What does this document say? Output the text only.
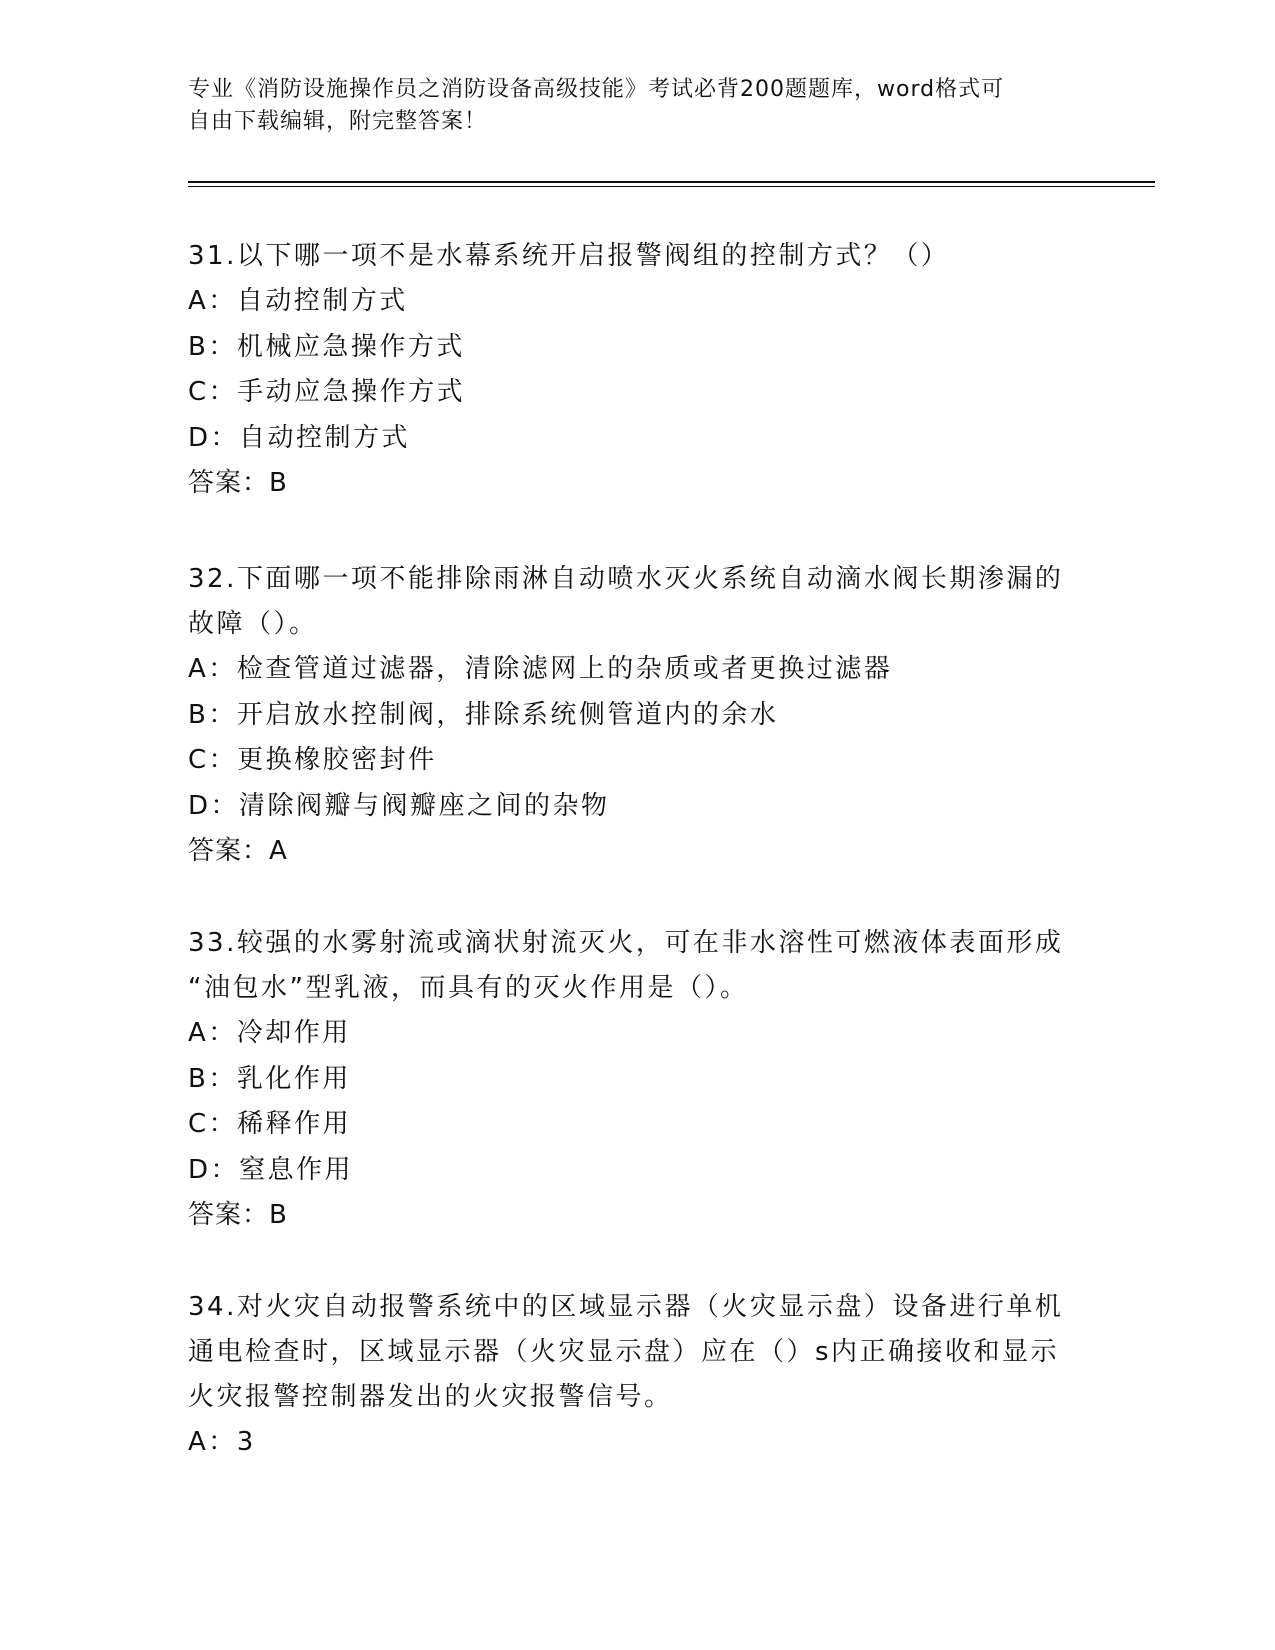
专业《消防设施操作员之消防设备高级技能》考试必背200题题库，word格式可
自由下载编辑，附完整答案！

31.以下哪一项不是水幕系统开启报警阀组的控制方式？（）

A：自动控制方式

B：机械应急操作方式

C：手动应急操作方式

D：自动控制方式

答案：B

32.下面哪一项不能排除雨淋自动喷水灭火系统自动滴水阀长期渗漏的

故障（）。

A：检查管道过滤器，清除滤网上的杂质或者更换过滤器

B：开启放水控制阀，排除系统侧管道内的余水

C：更换橡胶密封件

D：清除阀瓣与阀瓣座之间的杂物

答案：A

33.较强的水雾射流或滴状射流灭火，可在非水溶性可燃液体表面形成

“油包水”型乳液，而具有的灭火作用是（）。

A：冷却作用

B：乳化作用

C：稀释作用

D：窒息作用

答案：B

34.对火灾自动报警系统中的区域显示器（火灾显示盘）设备进行单机

通电检查时，区域显示器（火灾显示盘）应在（）s内正确接收和显示

火灾报警控制器发出的火灾报警信号。

A：3
